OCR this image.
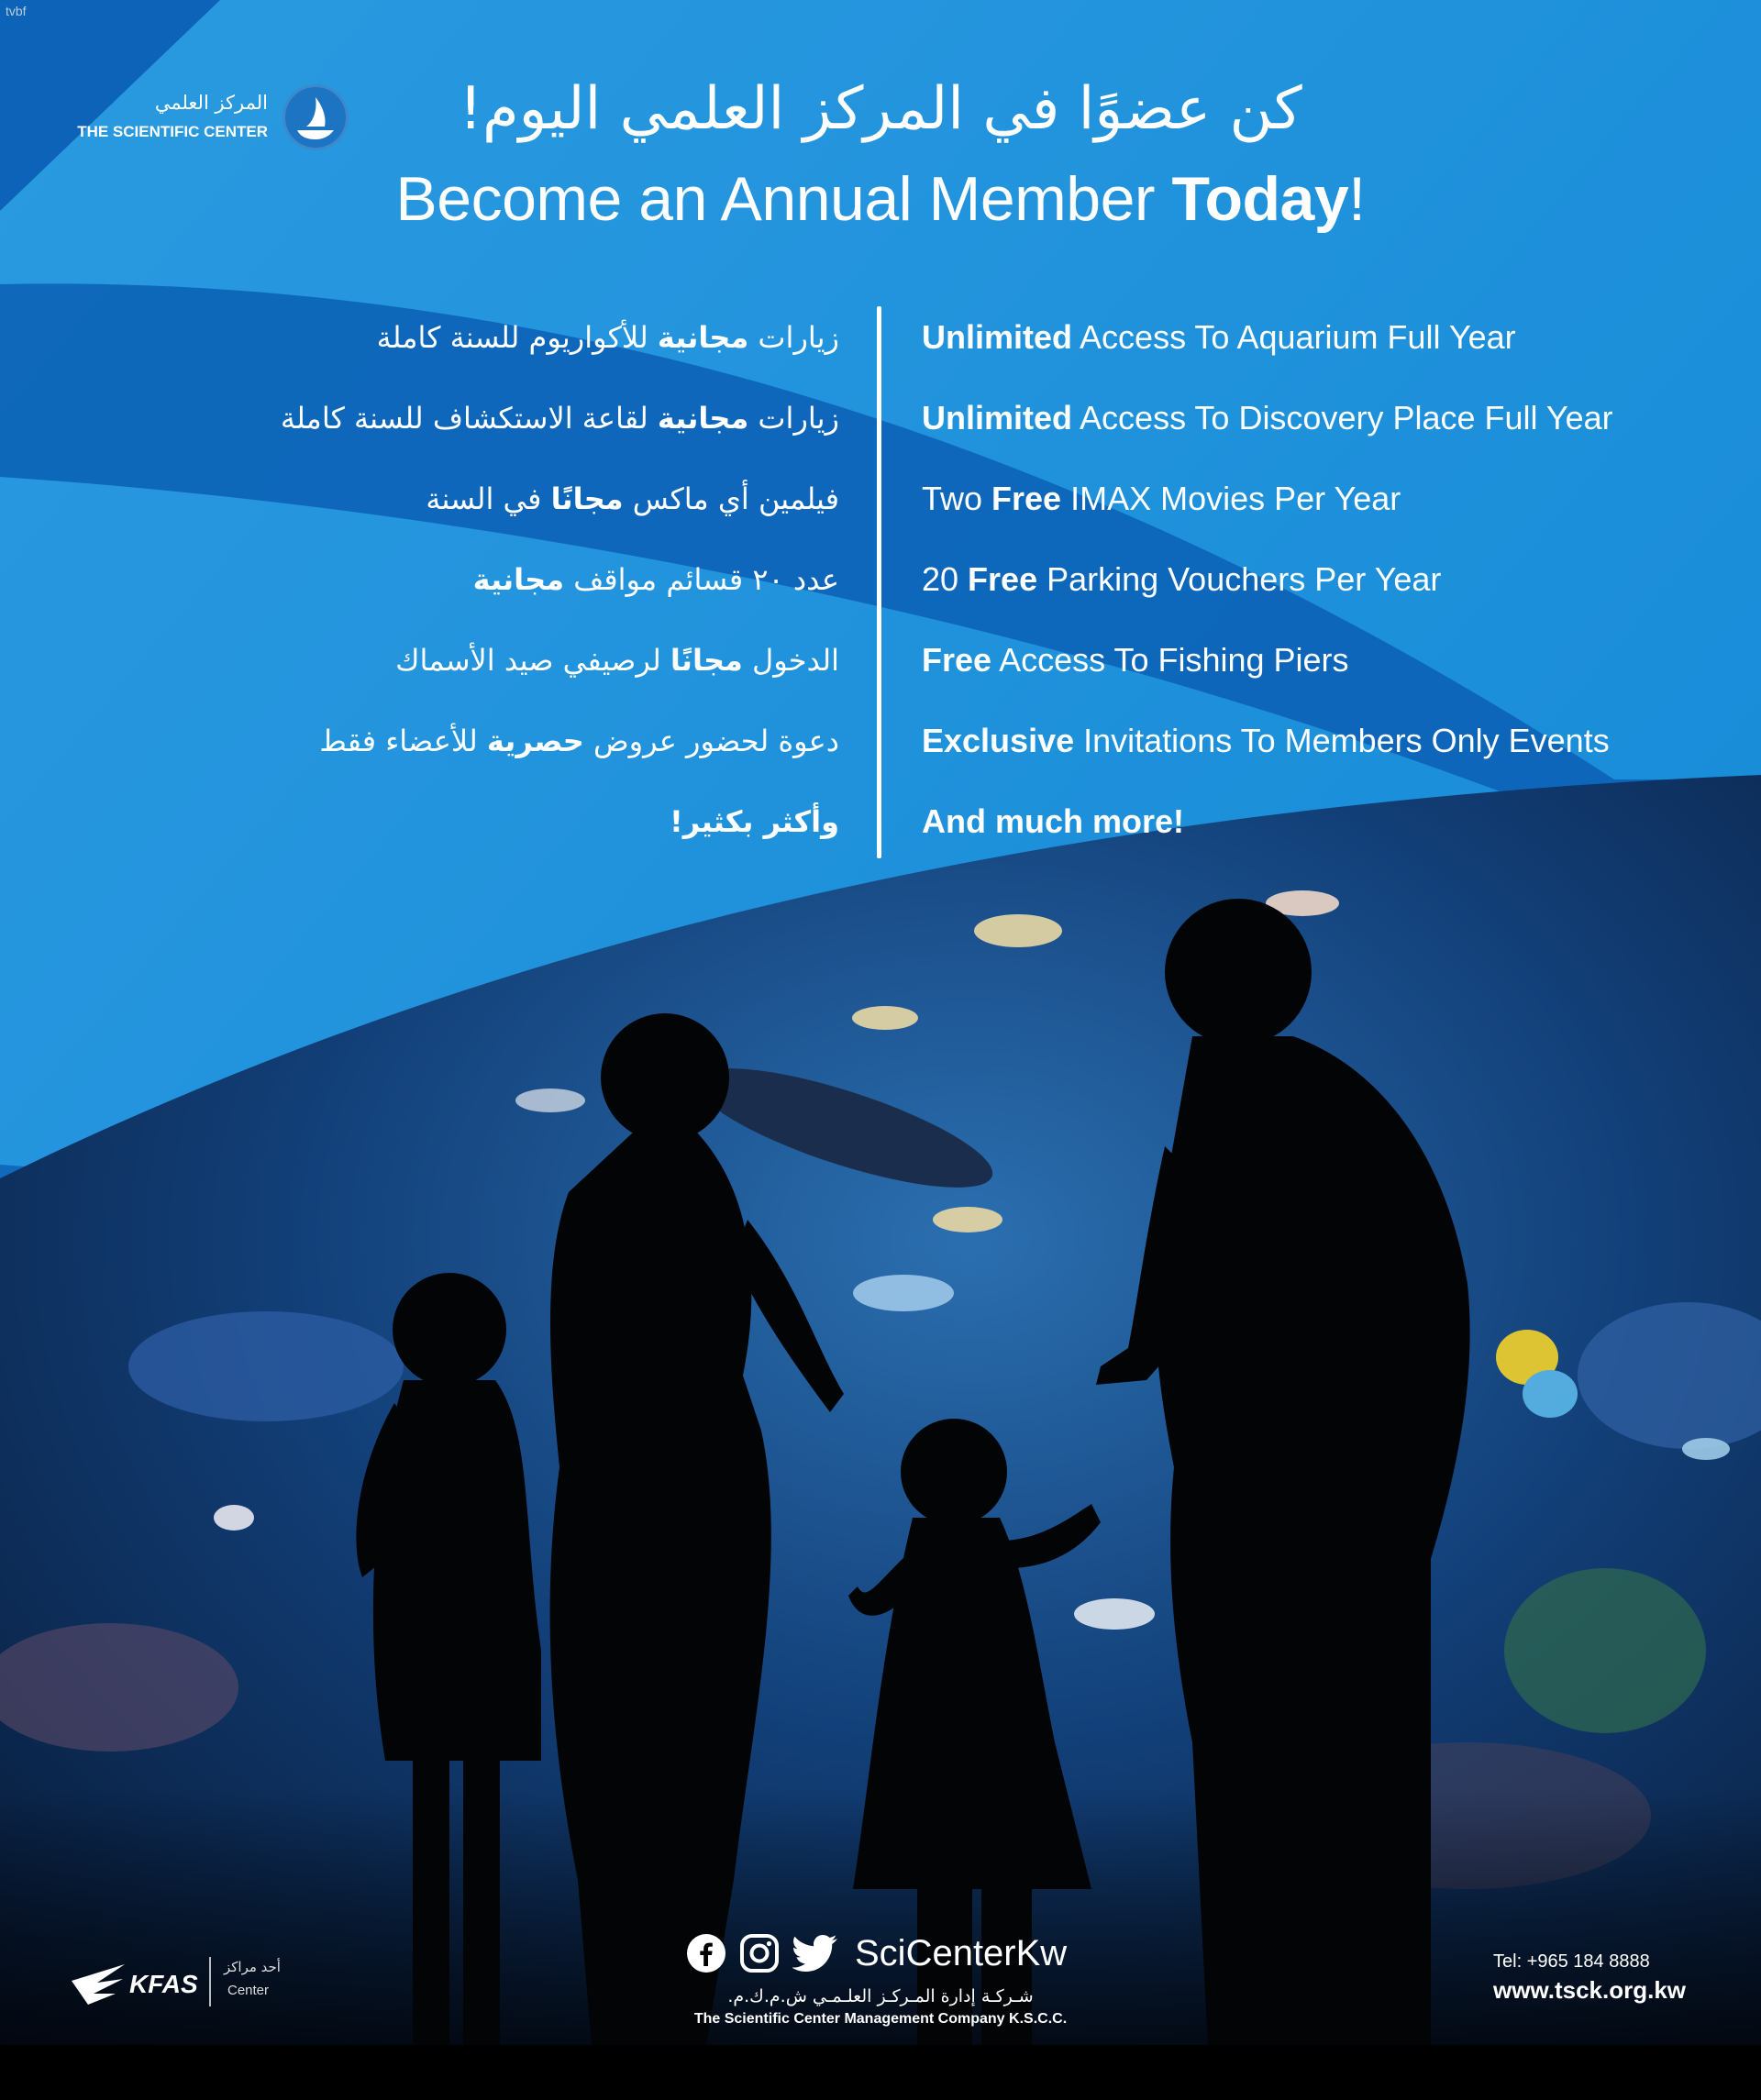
tvbf
المركز العلمي
THE SCIENTIFIC CENTER	كن عضوًا في المركز العلمي اليوم!
Become an Annual Member Today!
Unlimited Access To Aquarium Full Year
Unlimited Access To Discovery Place Full Year
Two Free IMAX Movies Per Year
20 Free Parking Vouchers Per Year
Free Access To Fishing Piers
Exclusive Invitations To Members Only Events
And much more!
زيارات مجانية للأكواريوم للسنة كاملة
زيارات مجانية لقاعة الاستكشاف للسنة كاملة
فيلمين أي ماكس مجانًا في السنة
عدد ٢٠ قسائم مواقف مجانية
الدخول مجانًا لرصيفي صيد الأسماك
دعوة لحضور عروض حصرية للأعضاء فقط
وأكثر بكثير!
KFAS
أحد مراكز
Center
SciCenterKw
شـركـة إدارة المـركـز العلـمـي ش.م.ك.م.
The Scientific Center Management Company K.S.C.C.
Tel: +965 184 8888
www.tsck.org.kw
